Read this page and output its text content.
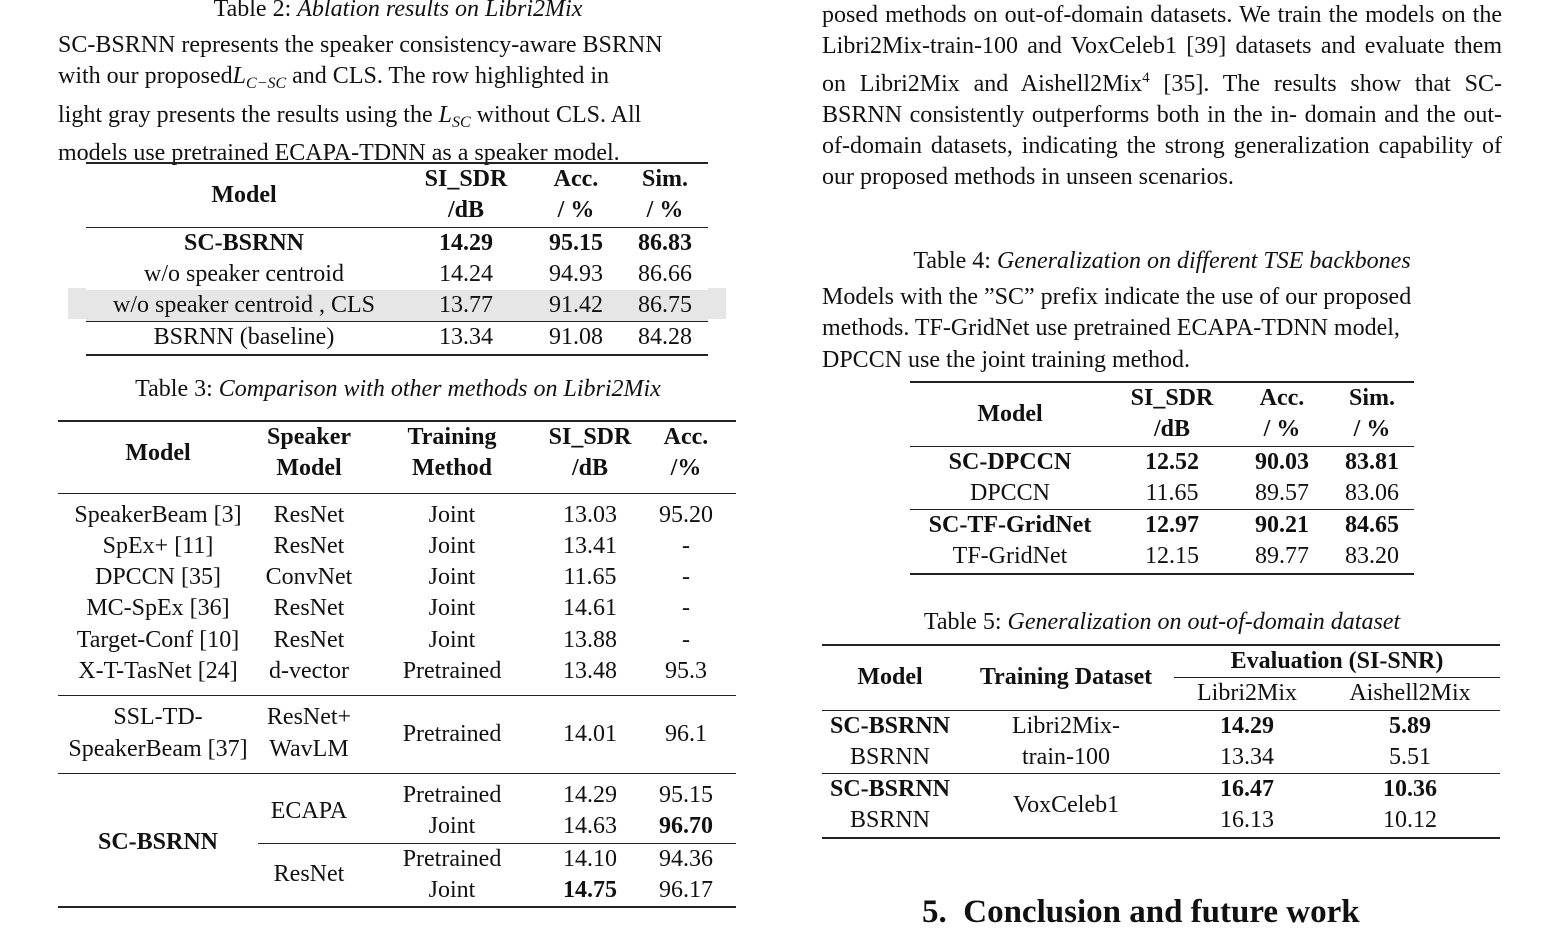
Table 2: Ablation results on Libri2Mix

SC-BSRNN represents the speaker consistency-aware BSRNN
with our proposedL$_{C-SC}$ and CLS. The row highlighted in
light gray presents the results using the $L_{SC}$ without CLS. All
models use pretrained ECAPA-TDNN as a speaker model.

Model	SI_SDR	Acc.	Sim.
	/dB	/ %	/ %
SC-BSRNN	14.29	95.15	86.83
w/o speaker centroid	14.24	94.93	86.66
w/o speaker centroid , CLS	13.77	91.42	86.75
BSRNN (baseline)	13.34	91.08	84.28
Table 3: Comparison with other methods on Libri2Mix
Model	Speaker	Training	SI_SDR	Acc.
	Model	Method	/dB	/%

SpeakerBeam [3]	ResNet	Joint	13.03	95.20
SpEx+ [11]	ResNet	Joint	13.41	-
DPCCN [35]	ConvNet	Joint	11.65	-
MC-SpEx [36]	ResNet	Joint	14.61	-
Target-Conf [10]	ResNet	Joint	13.88	-
X-T-TasNet [24]	d-vector	Pretrained	13.48	95.3
SSL-TD-	ResNet+	Pretrained	14.01	96.1
SpeakerBeam [37]	WavLM			
SC-BSRNN	ECAPA	Pretrained	14.29	95.15
		Joint	14.63	96.70
	ResNet	Pretrained	14.10	94.36
		Joint	14.75	96.17

posed methods on out-of-domain datasets. We train the models on the Libri2Mix-train-100 and VoxCeleb1 [39] datasets and evaluate them on Libri2Mix and Aishell2Mix$^4$ [35]. The results show that SC-BSRNN consistently outperforms both in the in- domain and the out-of-domain datasets, indicating the strong generalization capability of our proposed methods in unseen scenarios.

Table 4: Generalization on different TSE backbones

Models with the ”SC” prefix indicate the use of our proposed
methods. TF-GridNet use pretrained ECAPA-TDNN model,
DPCCN use the joint training method.

Model	SI_SDR	Acc.	Sim.
	/dB	/ %	/ %
SC-DPCCN	12.52	90.03	83.81
DPCCN	11.65	89.57	83.06
SC-TF-GridNet	12.97	90.21	84.65
TF-GridNet	12.15	89.77	83.20
Table 5: Generalization on out-of-domain dataset
Model	Training Dataset	Evaluation (SI-SNR)	
		Libri2Mix	Aishell2Mix
SC-BSRNN	Libri2Mix-	14.29	5.89
BSRNN	train-100	13.34	5.51
SC-BSRNN	VoxCeleb1	16.47	10.36
BSRNN		16.13	10.12
5. Conclusion and future work
